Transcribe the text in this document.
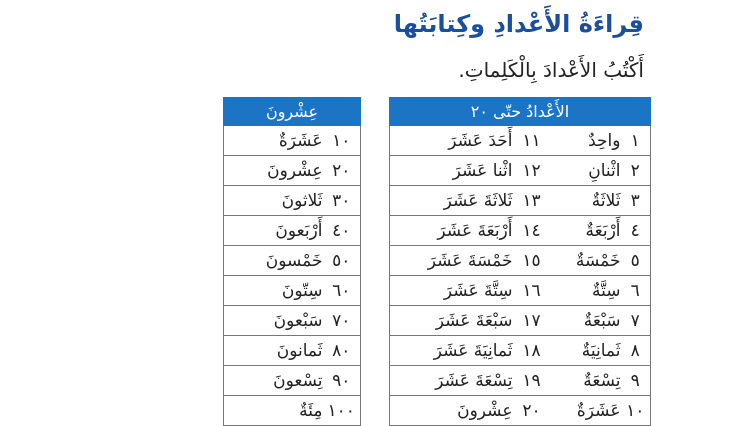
قِراءَةُ الأَعْدادِ وكِتابَتُها

أَكْتُبُ الأَعْدادَ بِالْكَلِماتِ.

الأَعْدادُ حتّى ٢٠			
١	واحِدٌ	١١	أَحَدَ عَشَرَ
٢	اثْنانِ	١٢	اثْنا عَشَرَ
٣	ثَلاثَةٌ	١٣	ثَلاثَةَ عَشَرَ
٤	أَرْبَعَةٌ	١٤	أَرْبَعَةَ عَشَرَ
٥	خَمْسَةٌ	١٥	خَمْسَةَ عَشَرَ
٦	سِتَّةٌ	١٦	سِتَّةَ عَشَرَ
٧	سَبْعَةٌ	١٧	سَبْعَةَ عَشَرَ
٨	ثَمانِيَةٌ	١٨	ثَمانِيَةَ عَشَرَ
٩	تِسْعَةٌ	١٩	تِسْعَةَ عَشَرَ
١٠	عَشَرَةٌ	٢٠	عِشْرونَ
عِشْرونَ	
١٠	عَشَرَةٌ
٢٠	عِشْرونَ
٣٠	ثَلاثونَ
٤٠	أَرْبَعونَ
٥٠	خَمْسونَ
٦٠	سِتّونَ
٧٠	سَبْعونَ
٨٠	ثَمانونَ
٩٠	تِسْعونَ
١٠٠	مِئَةٌ
